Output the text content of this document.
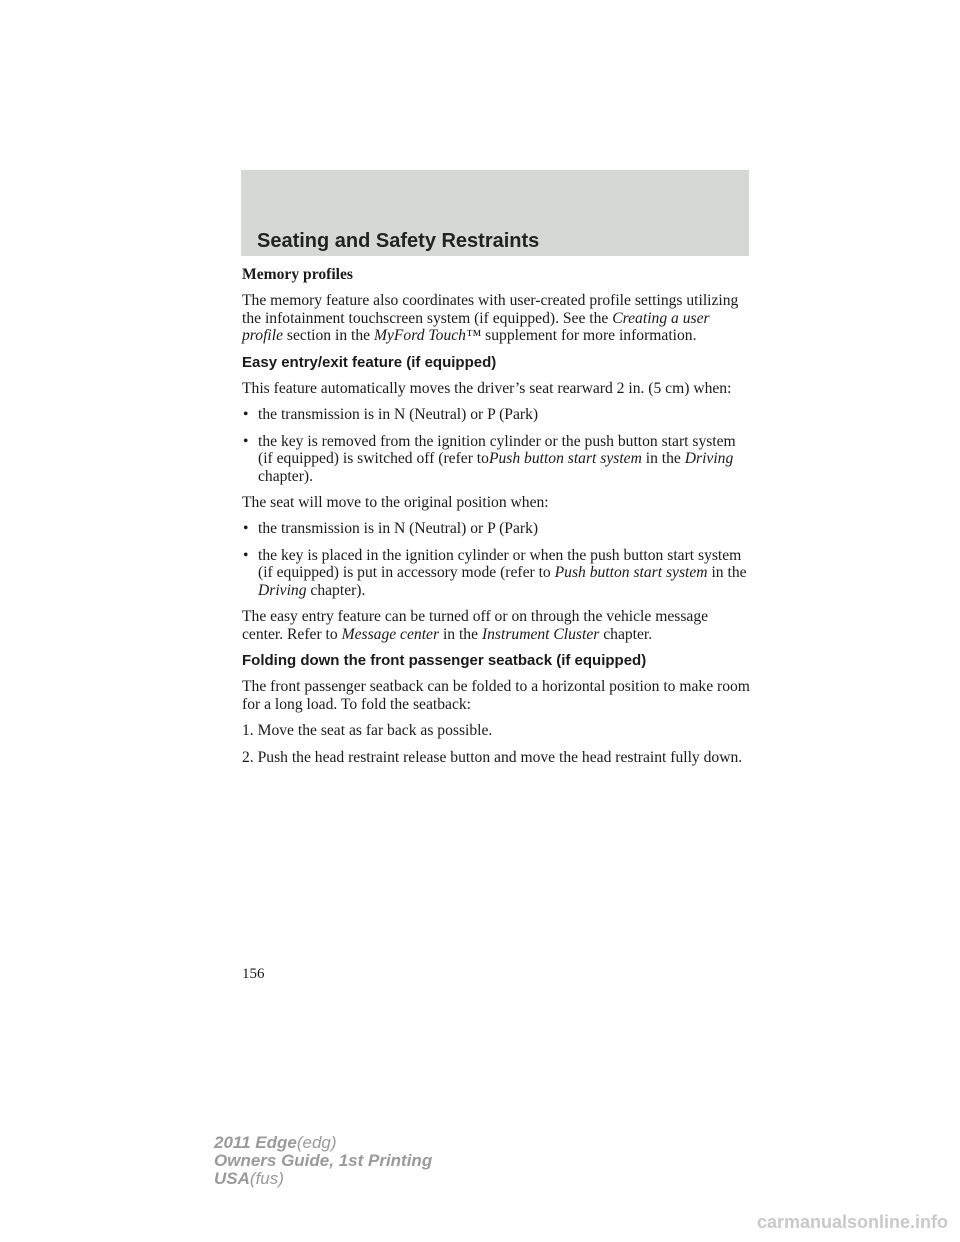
Seating and Safety Restraints

Memory profiles

The memory feature also coordinates with user-created profile settings utilizing the infotainment touchscreen system (if equipped). See the Creating a user profile section in the MyFord Touch™ supplement for more information.

Easy entry/exit feature (if equipped)

This feature automatically moves the driver’s seat rearward 2 in. (5 cm) when:

• the transmission is in N (Neutral) or P (Park)
• the key is removed from the ignition cylinder or the push button start system (if equipped) is switched off (refer toPush button start system in the Driving chapter).

The seat will move to the original position when:

• the transmission is in N (Neutral) or P (Park)
• the key is placed in the ignition cylinder or when the push button start system (if equipped) is put in accessory mode (refer to Push button start system in the Driving chapter).

The easy entry feature can be turned off or on through the vehicle message center. Refer to Message center in the Instrument Cluster chapter.

Folding down the front passenger seatback (if equipped)

The front passenger seatback can be folded to a horizontal position to make room for a long load. To fold the seatback:

1. Move the seat as far back as possible.

2. Push the head restraint release button and move the head restraint fully down.

156
2011 Edge(edg)
Owners Guide, 1st Printing
USA(fus)
carmanualsonline.info
